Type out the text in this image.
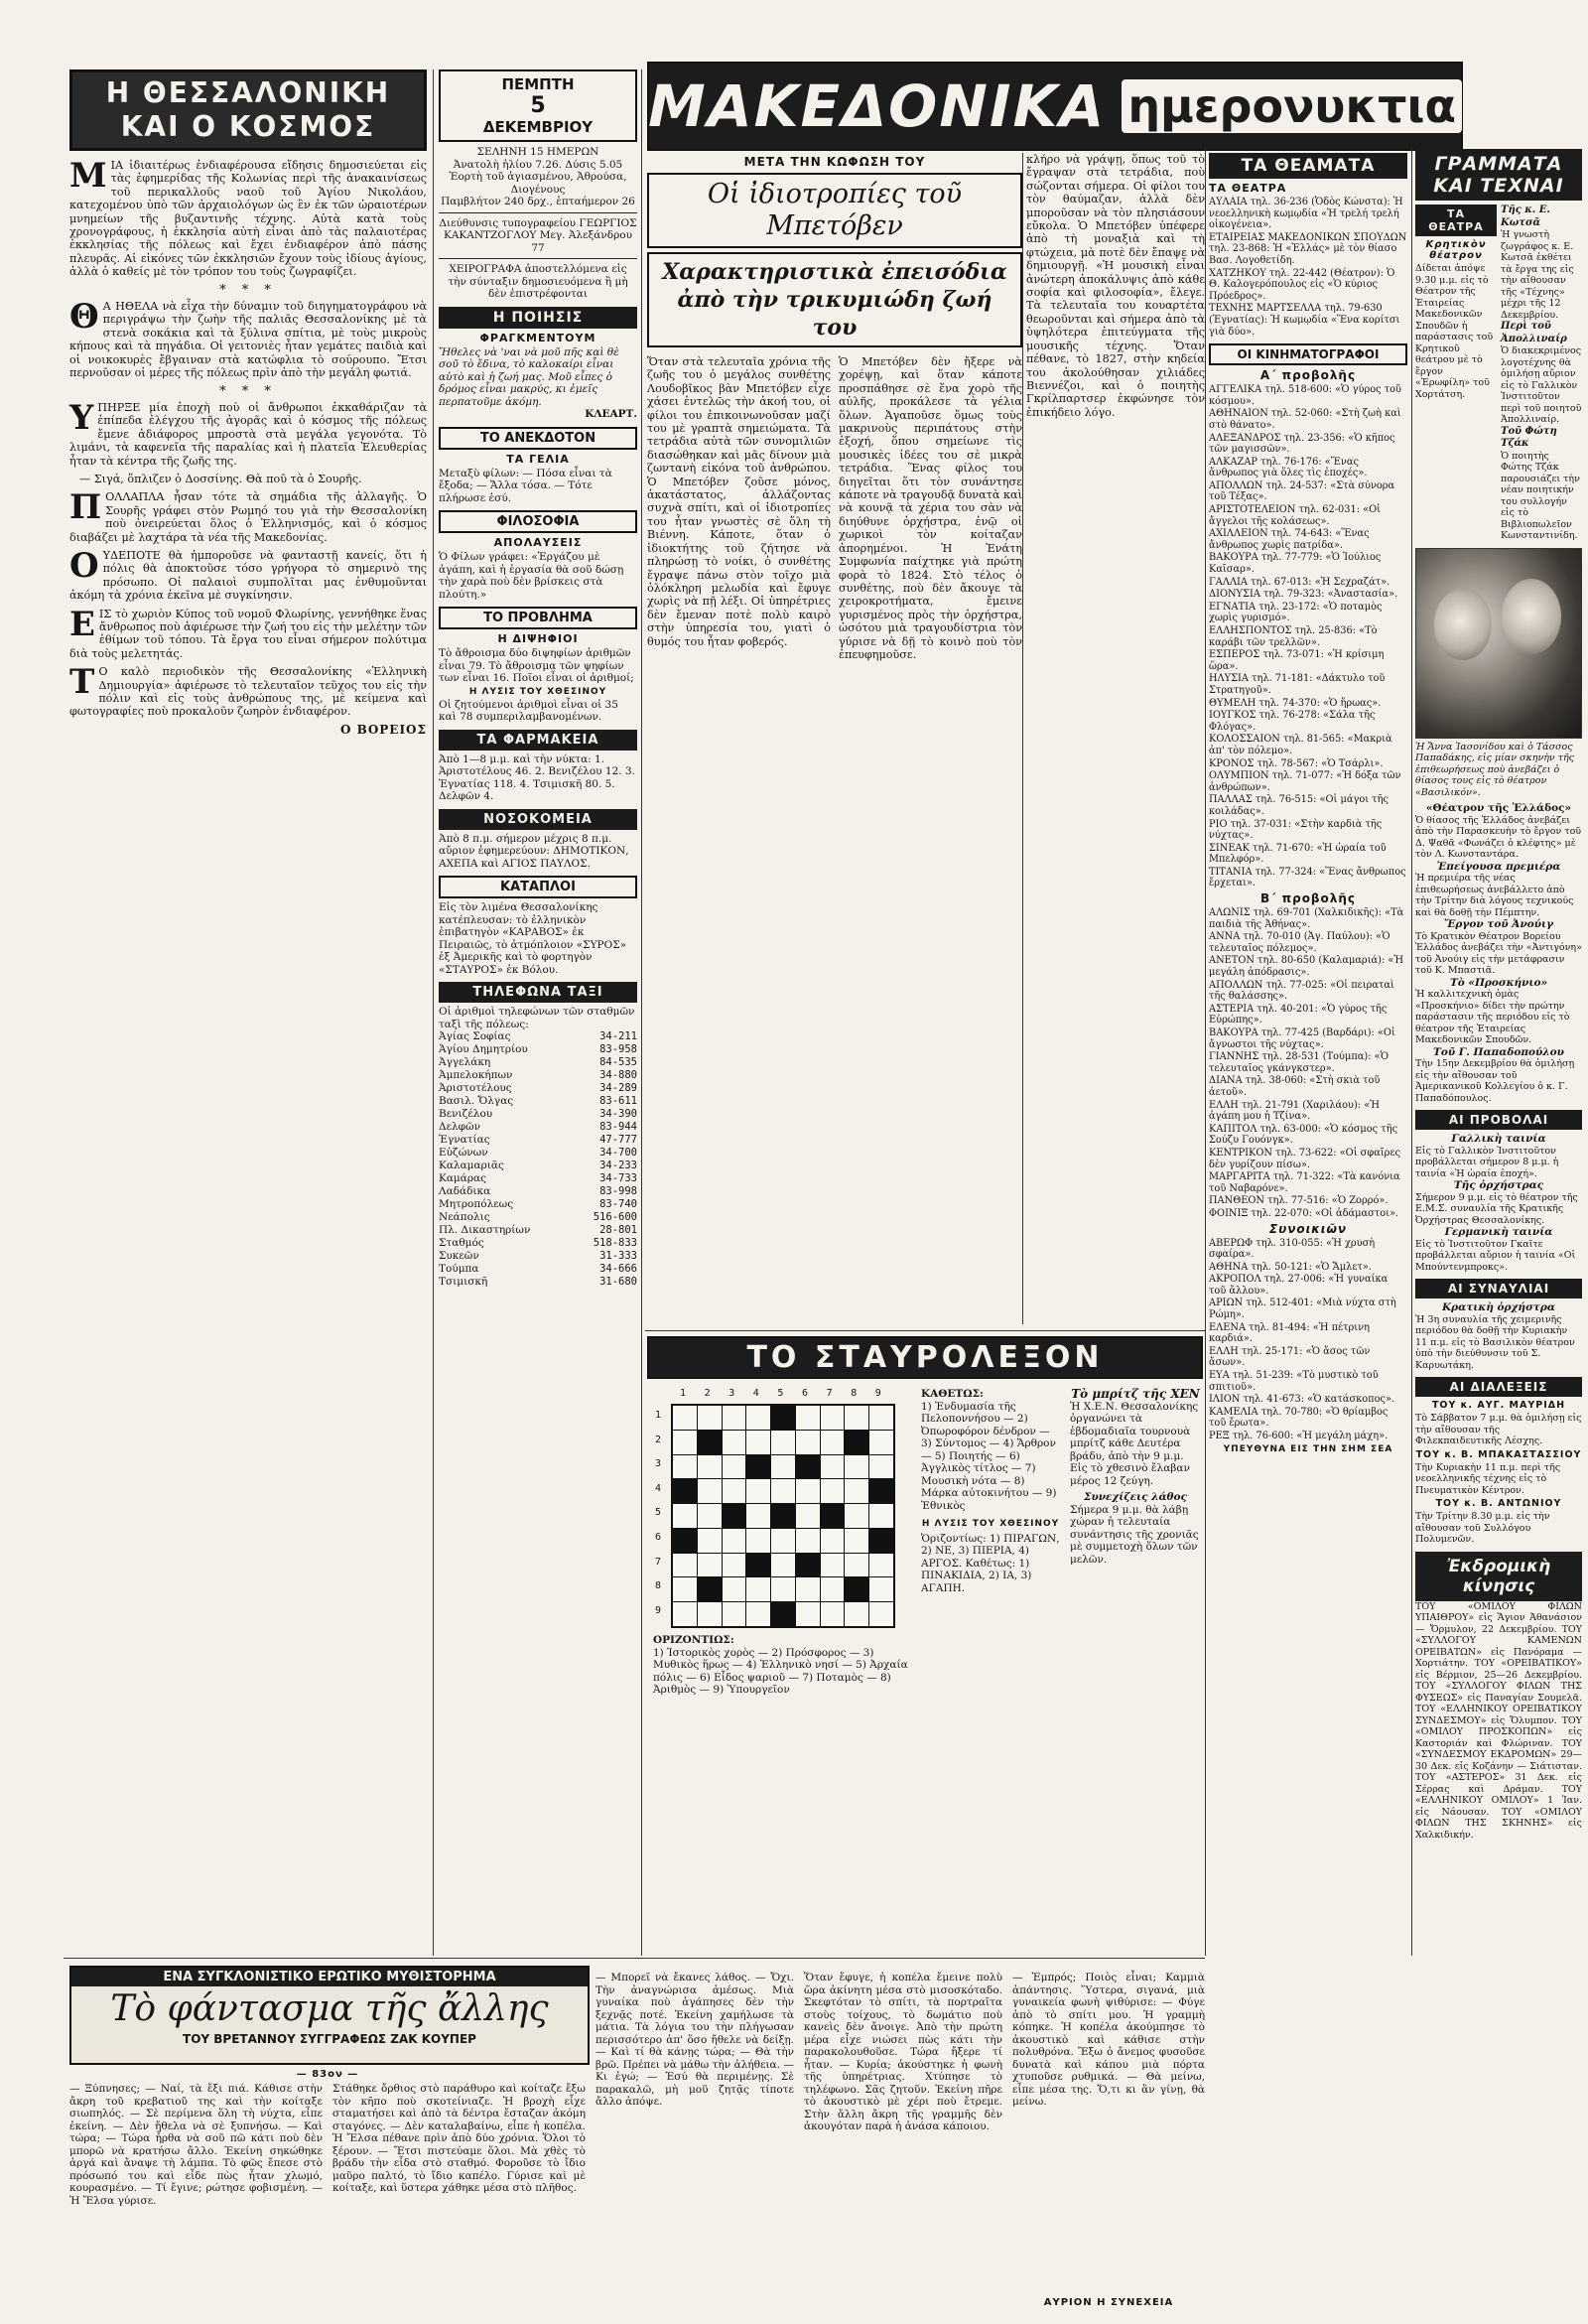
Η ΘΕΣΣΑΛΟΝΙΚΗ
ΚΑΙ Ο ΚΟΣΜΟΣ

ΜΙΑ ἰδιαιτέρως ἐνδιαφέρουσα εἴδησις δημοσιεύεται εἰς τὰς ἐφημερίδας τῆς Κολωνίας περὶ τῆς ἀνακαινίσεως τοῦ περικαλλοῦς ναοῦ τοῦ Ἁγίου Νικολάου, κατεχομένου ὑπὸ τῶν ἀρχαιολόγων ὡς ἓν ἐκ τῶν ὡραιοτέρων μνημείων τῆς βυζαντινῆς τέχνης. Αὐτὰ κατὰ τοὺς χρονογράφους, ἡ ἐκκλησία αὐτὴ εἶναι ἀπὸ τὰς παλαιοτέρας ἐκκλησίας τῆς πόλεως καὶ ἔχει ἐνδιαφέρον ἀπὸ πάσης πλευρᾶς. Αἱ εἰκόνες τῶν ἐκκλησιῶν ἔχουν τοὺς ἰδίους ἁγίους, ἀλλὰ ὁ καθείς μὲ τὸν τρόπον του τοὺς ζωγραφίζει.

* * *

Θ Α ΗΘΕΛΑ νὰ εἶχα τὴν δύναμιν τοῦ διηγηματογράφου νὰ περιγράψω τὴν ζωὴν τῆς παλιᾶς Θεσσαλονίκης μὲ τὰ στενὰ σοκάκια καὶ τὰ ξύλινα σπίτια, μὲ τοὺς μικροὺς κήπους καὶ τὰ πηγάδια. Οἱ γειτονιὲς ἦταν γεμάτες παιδιὰ καὶ οἱ νοικοκυρὲς ἔβγαιναν στὰ κατώφλια τὸ σούρουπο. Ἔτσι περνοῦσαν οἱ μέρες τῆς πόλεως πρὶν ἀπὸ τὴν μεγάλη φωτιά.

* * *

ΥΠΗΡΞΕ μία ἐποχὴ ποὺ οἱ ἄνθρωποι ἐκκαθάριζαν τὰ ἐπίπεδα ἐλέγχου τῆς ἀγορᾶς καὶ ὁ κόσμος τῆς πόλεως ἔμενε ἀδιάφορος μπροστὰ στὰ μεγάλα γεγονότα. Τὸ λιμάνι, τὰ καφενεῖα τῆς παραλίας καὶ ἡ πλατεῖα Ἐλευθερίας ἦταν τὰ κέντρα τῆς ζωῆς της.

— Σιγά, ὅπλιζεν ὁ Δοσσίνης. Θὰ ποῦ τὰ ὁ Σουρῆς.

ΠΟΛΛΑΠΛΑ ἦσαν τότε τὰ σημάδια τῆς ἀλλαγῆς. Ὁ Σουρῆς γράφει στὸν Ρωμηό του γιὰ τὴν Θεσσαλονίκη ποὺ ὀνειρεύεται ὅλος ὁ Ἑλληνισμός, καὶ ὁ κόσμος διαβάζει μὲ λαχτάρα τὰ νέα τῆς Μακεδονίας.

ΟΥΔΕΠΟΤΕ θὰ ἠμποροῦσε νὰ φανταστῇ κανείς, ὅτι ἡ πόλις θὰ ἀποκτοῦσε τόσο γρήγορα τὸ σημερινὸ της πρόσωπο. Οἱ παλαιοὶ συμπολῖται μας ἐνθυμοῦνται ἀκόμη τὰ χρόνια ἐκεῖνα μὲ συγκίνησιν.

ΕΙΣ τὸ χωριὸν Κύπος τοῦ νομοῦ Φλωρίνης, γεννήθηκε ἕνας ἄνθρωπος ποὺ ἀφιέρωσε τὴν ζωή του εἰς τὴν μελέτην τῶν ἐθίμων τοῦ τόπου. Τὰ ἔργα του εἶναι σήμερον πολύτιμα διὰ τοὺς μελετητάς.

Τ Ο καλὸ περιοδικὸν τῆς Θεσσαλονίκης «Ἑλληνικὴ Δημιουργία» ἀφιέρωσε τὸ τελευταῖον τεῦχος του εἰς τὴν πόλιν καὶ εἰς τοὺς ἀνθρώπους της, μὲ κείμενα καὶ φωτογραφίες ποὺ προκαλοῦν ζωηρὸν ἐνδιαφέρον.

Ο ΒΟΡΕΙΟΣ
ΠΕΜΠΤΗ
5
ΔΕΚΕΜΒΡΙΟΥ
ΣΕΛΗΝΗ 15 ΗΜΕΡΩΝ
Ἀνατολὴ ἡλίου 7.26. Δύσις 5.05
Ἐορτὴ τοῦ ἁγιασμένου, Ἀθρούσα, Διογένους
Παμβλήτον 240 δρχ., ἑπταήμερον 26
Διεύθυνσις τυπογραφείου ΓΕΩΡΓΙΟΣ ΚΑΚΑΝΤΖΟΓΛΟΥ Μεγ. Ἀλεξάνδρου 77
ΧΕΙΡΟΓΡΑΦΑ ἀποστελλόμενα εἰς τὴν σύνταξιν δημοσιευόμενα ἢ μὴ δὲν ἐπιστρέφονται
Η ΠΟΙΗΣΙΣ
ΦΡΑΓΚΜΕΝΤΟΥΜ
Ἤθελες νὰ 'ναι νὰ μοῦ πῆς καὶ θὲ σοῦ τὸ ἔδινα, τὸ καλοκαίρι εἶναι αὐτὸ καὶ ἡ ζωή μας. Μοῦ εἶπες ὁ δρόμος εἶναι μακρύς, κι ἐμεῖς περπατοῦμε ἀκόμη.
ΚΛΕΑΡΤ.
ΤΟ ΑΝΕΚΔΟΤΟΝ
ΤΑ ΓΕΛΙΑ
Μεταξὺ φίλων: — Πόσα εἶναι τὰ ἔξοδα; — Ἄλλα τόσα. — Τότε πλήρωσε ἐσύ.
ΦΙΛΟΣΟΦΙΑ
ΑΠΟΛΑΥΣΕΙΣ
Ὁ Φίλων γράφει: «Ἐργάζου μὲ ἀγάπη, καὶ ἡ ἐργασία θὰ σοῦ δώσῃ τὴν χαρὰ ποὺ δὲν βρίσκεις στὰ πλούτη.»
ΤΟ ΠΡΟΒΛΗΜΑ
Η ΔΙΨΗΦΙΟΙ
Τὸ ἄθροισμα δύο διψηφίων ἀριθμῶν εἶναι 79. Τὸ ἄθροισμα τῶν ψηφίων των εἶναι 16. Ποῖοι εἶναι οἱ ἀριθμοί;
Η ΛΥΣΙΣ ΤΟΥ ΧΘΕΣΙΝΟΥ
Οἱ ζητούμενοι ἀριθμοὶ εἶναι οἱ 35 καὶ 78 συμπεριλαμβανομένων.
ΤΑ ΦΑΡΜΑΚΕΙΑ
Ἀπὸ 1—8 μ.μ. καὶ τὴν νύκτα: 1. Ἀριστοτέλους 46. 2. Βενιζέλου 12. 3. Ἐγνατίας 118. 4. Τσιμισκῆ 80. 5. Δελφῶν 4.
ΝΟΣΟΚΟΜΕΙΑ
Ἀπὸ 8 π.μ. σήμερον μέχρις 8 π.μ. αὔριον ἐφημερεύουν: ΔΗΜΟΤΙΚΟΝ, ΑΧΕΠΑ καὶ ΑΓΙΟΣ ΠΑΥΛΟΣ.
ΚΑΤΑΠΛΟΙ
Εἰς τὸν λιμένα Θεσσαλονίκης κατέπλευσαν: τὸ ἐλληνικὸν ἐπιβατηγὸν «ΚΑΡΑΒΟΣ» ἐκ Πειραιῶς, τὸ ἀτμόπλοιον «ΣΥΡΟΣ» ἐξ Ἀμερικῆς καὶ τὸ φορτηγὸν «ΣΤΑΥΡΟΣ» ἐκ Βόλου.
ΤΗΛΕΦΩΝΑ ΤΑΞΙ
Οἱ ἀριθμοὶ τηλεφώνων τῶν σταθμῶν ταξὶ τῆς πόλεως:
Ἀγίας Σοφίας	34-211
Ἁγίου Δημητρίου	83-958
Ἀγγελάκη	84-535
Ἀμπελοκήπων	34-880
Ἀριστοτέλους	34-289
Βασιλ. Ὄλγας	83-611
Βενιζέλου	34-390
Δελφῶν	83-944
Ἐγνατίας	47-777
Εὐζώνων	34-700
Καλαμαριᾶς	34-233
Καμάρας	34-733
Λαδάδικα	83-998
Μητροπόλεως	83-740
Νεάπολις	516-600
Πλ. Δικαστηρίων	28-801
Σταθμός	518-833
Συκεῶν	31-333
Τούμπα	34-666
Τσιμισκῆ	31-680
ΜΑΚΕΔΟΝΙΚΑ ημερονυκτια
ΜΕΤΑ ΤΗΝ ΚΩΦΩΣΗ ΤΟΥ
Οἱ ἰδιοτροπίες τοῦ Μπετόβεν
Χαρακτηριστικὰ ἐπεισόδια ἀπὸ τὴν τρικυμιώδη ζωή του
Ὅταν στὰ τελευταῖα χρόνια τῆς ζωῆς του ὁ μεγάλος συνθέτης Λουδοβῖκος βὰν Μπετόβεν εἶχε χάσει ἐντελῶς τὴν ἀκοή του, οἱ φίλοι του ἐπικοινωνοῦσαν μαζί του μὲ γραπτὰ σημειώματα. Τὰ τετράδια αὐτὰ τῶν συνομιλιῶν διασώθηκαν καὶ μᾶς δίνουν μιὰ ζωντανὴ εἰκόνα τοῦ ἀνθρώπου. Ὁ Μπετόβεν ζοῦσε μόνος, ἀκατάστατος, ἀλλάζοντας συχνὰ σπίτι, καὶ οἱ ἰδιοτροπίες του ἦταν γνωστὲς σὲ ὅλη τὴ Βιέννη. Κάποτε, ὅταν ὁ ἰδιοκτήτης τοῦ ζήτησε νὰ πληρώσῃ τὸ νοίκι, ὁ συνθέτης ἔγραψε πάνω στὸν τοῖχο μιὰ ὁλόκληρη μελωδία καὶ ἔφυγε χωρὶς νὰ πῇ λέξι. Οἱ ὑπηρέτριες δὲν ἔμεναν ποτὲ πολὺ καιρὸ στὴν ὑπηρεσία του, γιατὶ ὁ θυμός του ἦταν φοβερός.
Ὁ Μπετόβεν δὲν ἤξερε νὰ χορέψῃ, καὶ ὅταν κάποτε προσπάθησε σὲ ἕνα χορὸ τῆς αὐλῆς, προκάλεσε τὰ γέλια ὅλων. Ἀγαποῦσε ὅμως τοὺς μακρινοὺς περιπάτους στὴν ἐξοχή, ὅπου σημείωνε τὶς μουσικὲς ἰδέες του σὲ μικρὰ τετράδια. Ἕνας φίλος του διηγεῖται ὅτι τὸν συνάντησε κάποτε νὰ τραγουδᾷ δυνατὰ καὶ νὰ κουνᾷ τὰ χέρια του σὰν νὰ διηύθυνε ὀρχήστρα, ἐνῷ οἱ χωρικοὶ τὸν κοίταζαν ἀπορημένοι. Ἡ Ἐνάτη Συμφωνία παίχτηκε γιὰ πρώτη φορὰ τὸ 1824. Στὸ τέλος ὁ συνθέτης, ποὺ δὲν ἄκουγε τὰ χειροκροτήματα, ἔμεινε γυρισμένος πρὸς τὴν ὀρχήστρα, ὡσότου μιὰ τραγουδίστρια τὸν γύρισε νὰ δῇ τὸ κοινὸ ποὺ τὸν ἐπευφημοῦσε.
κλήρο νὰ γράψῃ, ὅπως τοῦ τὸ ἔγραψαν στὰ τετράδια, ποὺ σώζονται σήμερα. Οἱ φίλοι του τὸν θαύμαζαν, ἀλλὰ δὲν μποροῦσαν νὰ τὸν πλησιάσουν εὔκολα. Ὁ Μπετόβεν ὑπέφερε ἀπὸ τὴ μοναξιὰ καὶ τὴ φτώχεια, μὰ ποτὲ δὲν ἔπαψε νὰ δημιουργῇ. «Ἡ μουσικὴ εἶναι ἀνώτερη ἀποκάλυψις ἀπὸ κάθε σοφία καὶ φιλοσοφία», ἔλεγε. Τὰ τελευταῖα του κουαρτέτα θεωροῦνται καὶ σήμερα ἀπὸ τὰ ὑψηλότερα ἐπιτεύγματα τῆς μουσικῆς τέχνης. Ὅταν πέθανε, τὸ 1827, στὴν κηδεία του ἀκολούθησαν χιλιάδες Βιεννέζοι, καὶ ὁ ποιητὴς Γκρίλπαρτσερ ἐκφώνησε τὸν ἐπικήδειο λόγο.
ΤΑ ΘΕΑΜΑΤΑ
ΤΑ ΘΕΑΤΡΑ
ΑΥΛΑΙΑ τηλ. 36-236 (Ὁδὸς Κώνστα): Ἡ νεοελληνικὴ κωμῳδία «Ἡ τρελή τρελή οἰκογένεια».
ΕΤΑΙΡΕΙΑΣ ΜΑΚΕΔΟΝΙΚΩΝ ΣΠΟΥΔΩΝ τηλ. 23-868: Ἡ «Ἑλλάς» μὲ τὸν θίασο Βασ. Λογοθετίδη.
ΧΑΤΖΗΚΟΥ τηλ. 22-442 (Θέατρον): Ὁ Θ. Καλογερόπουλος εἰς «Ὁ κύριος Πρόεδρος».
ΤΕΧΝΗΣ ΜΑΡΤΣΕΛΛΑ τηλ. 79-630 (Ἐγνατίας): Ἡ κωμῳδία «Ἕνα κορίτσι γιὰ δύο».
ΟΙ ΚΙΝΗΜΑΤΟΓΡΑΦΟΙ
Α΄ προβολῆς
ΑΓΓΕΛΙΚΑ τηλ. 518-600: «Ὁ γύρος τοῦ κόσμου».
ΑΘΗΝΑΙΟΝ τηλ. 52-060: «Στὴ ζωὴ καὶ στὸ θάνατο».
ΑΛΕΞΑΝΔΡΟΣ τηλ. 23-356: «Ὁ κῆπος τῶν μαγισσῶν».
ΑΛΚΑΖΑΡ τηλ. 76-176: «Ἕνας ἄνθρωπος γιὰ ὅλες τὶς ἐποχές».
ΑΠΟΛΛΩΝ τηλ. 24-537: «Στὰ σύνορα τοῦ Τέξας».
ΑΡΙΣΤΟΤΕΛΕΙΟΝ τηλ. 62-031: «Οἱ ἄγγελοι τῆς κολάσεως».
ΑΧΙΛΛΕΙΟΝ τηλ. 74-643: «Ἕνας ἄνθρωπος χωρὶς πατρίδα».
ΒΑΚΟΥΡΑ τηλ. 77-779: «Ὁ Ἰούλιος Καῖσαρ».
ΓΑΛΛΙΑ τηλ. 67-013: «Ἡ Σεχραζάτ».
ΔΙΟΝΥΣΙΑ τηλ. 79-323: «Ἀναστασία».
ΕΓΝΑΤΙΑ τηλ. 23-172: «Ὁ ποταμὸς χωρὶς γυρισμό».
ΕΛΛΗΣΠΟΝΤΟΣ τηλ. 25-836: «Τὸ καράβι τῶν τρελλῶν».
ΕΣΠΕΡΟΣ τηλ. 73-071: «Ἡ κρίσιμη ὥρα».
ΗΛΥΣΙΑ τηλ. 71-181: «Δάκτυλο τοῦ Στρατηγοῦ».
ΘΥΜΕΛΗ τηλ. 74-370: «Ὁ ἥρωας».
ΙΟΥΓΚΟΣ τηλ. 76-278: «Σάλα τῆς Φλόγας».
ΚΟΛΟΣΣΑΙΟΝ τηλ. 81-565: «Μακριὰ ἀπ' τὸν πόλεμο».
ΚΡΟΝΟΣ τηλ. 78-567: «Ὁ Τσάρλι».
ΟΛΥΜΠΙΟΝ τηλ. 71-077: «Ἡ δόξα τῶν ἀνθρώπων».
ΠΑΛΛΑΣ τηλ. 76-515: «Οἱ μάγοι τῆς κοιλάδας».
ΡΙΟ τηλ. 37-031: «Στὴν καρδιὰ τῆς νύχτας».
ΣΙΝΕΑΚ τηλ. 71-670: «Ἡ ὡραία τοῦ Μπελφόρ».
ΤΙΤΑΝΙΑ τηλ. 77-324: «Ἕνας ἄνθρωπος ἔρχεται».
Β΄ προβολῆς
ΑΛΩΝΙΣ τηλ. 69-701 (Χαλκιδικῆς): «Τὰ παιδιὰ τῆς Ἀθήνας».
ΑΝΝΑ τηλ. 70-010 (Ἀγ. Παύλου): «Ὁ τελευταῖος πόλεμος».
ΑΝΕΤΟΝ τηλ. 80-650 (Καλαμαριά): «Ἡ μεγάλη ἀπόδρασις».
ΑΠΟΛΛΩΝ τηλ. 77-025: «Οἱ πειραταὶ τῆς θαλάσσης».
ΑΣΤΕΡΙΑ τηλ. 40-201: «Ὁ γύρος τῆς Εὐρώπης».
ΒΑΚΟΥΡΑ τηλ. 77-425 (Βαρδάρι): «Οἱ ἄγνωστοι τῆς νύχτας».
ΓΙΑΝΝΗΣ τηλ. 28-531 (Τούμπα): «Ὁ τελευταῖος γκάνγκστερ».
ΔΙΑΝΑ τηλ. 38-060: «Στὴ σκιὰ τοῦ ἀετοῦ».
ΕΛΛΗ τηλ. 21-791 (Χαριλάου): «Ἡ ἀγάπη μου ἡ Τζίνα».
ΚΑΠΙΤΟΛ τηλ. 63-000: «Ὁ κόσμος τῆς Σούζυ Γουόνγκ».
ΚΕΝΤΡΙΚΟΝ τηλ. 73-622: «Οἱ σφαῖρες δὲν γυρίζουν πίσω».
ΜΑΡΓΑΡΙΤΑ τηλ. 71-322: «Τὰ κανόνια τοῦ Ναβαρόνε».
ΠΑΝΘΕΟΝ τηλ. 77-516: «Ὁ Ζορρό».
ΦΟΙΝΙΞ τηλ. 22-070: «Οἱ ἀδάμαστοι».
Συνοικιῶν
ΑΒΕΡΩΦ τηλ. 310-055: «Ἡ χρυσὴ σφαίρα».
ΑΘΗΝΑ τηλ. 50-121: «Ὁ Ἄμλετ».
ΑΚΡΟΠΟΛ τηλ. 27-006: «Ἡ γυναίκα τοῦ ἄλλου».
ΑΡΙΩΝ τηλ. 512-401: «Μιὰ νύχτα στὴ Ρώμη».
ΕΛΕΝΑ τηλ. 81-494: «Ἡ πέτρινη καρδιά».
ΕΛΛΗ τηλ. 25-171: «Ὁ ἄσος τῶν ἄσων».
ΕΥΑ τηλ. 51-239: «Τὸ μυστικὸ τοῦ σπιτιοῦ».
ΙΛΙΟΝ τηλ. 41-673: «Ὁ κατάσκοπος».
ΚΑΜΕΛΙΑ τηλ. 70-780: «Ὁ θρίαμβος τοῦ ἔρωτα».
ΡΕΞ τηλ. 76-600: «Ἡ μεγάλη μάχη».
ΥΠΕΥΘΥΝΑ ΕΙΣ ΤΗΝ ΣΗΜ ΣΕΑ
ΓΡΑΜΜΑΤΑ ΚΑΙ ΤΕΧΝΑΙ
ΤΑ ΘΕΑΤΡΑ
Κρητικὸν θέατρον
Δίδεται ἀπόψε 9.30 μ.μ. εἰς τὸ Θέατρον τῆς Ἑταιρείας Μακεδονικῶν Σπουδῶν ἡ παράστασις τοῦ Κρητικοῦ θεάτρου μὲ τὸ ἔργον «Ἐρωφίλη» τοῦ Χορτάτση.
Τῆς κ. Ε. Κωτσᾶ
Ἡ γνωστὴ ζωγράφος κ. Ε. Κωτσᾶ ἐκθέτει τὰ ἔργα της εἰς τὴν αἴθουσαν τῆς «Τέχνης» μέχρι τῆς 12 Δεκεμβρίου.
Περὶ τοῦ Ἀπολλιναίρ
Ὁ διακεκριμένος λογοτέχνης θὰ ὁμιλήσῃ αὔριον εἰς τὸ Γαλλικὸν Ἰνστιτοῦτον περὶ τοῦ ποιητοῦ Ἀπολλιναίρ.
Τοῦ Φώτη Τζάκ
Ὁ ποιητὴς Φώτης Τζάκ παρουσιάζει τὴν νέαν ποιητικήν του συλλογήν εἰς τὸ Βιβλιοπωλεῖον Κωνσταντινίδη.
Ἡ Ἄννα Ἰασονίδου καὶ ὁ Τάσσος Παπαδάκης, εἰς μίαν σκηνὴν τῆς ἐπιθεωρήσεως ποὺ ἀνεβάζει ὁ θίασος τους εἰς τὸ θέατρον «Βασιλικόν».
«Θέατρον τῆς Ἑλλάδος»
Ὁ θίασος τῆς Ἑλλάδος ἀνεβάζει ἀπὸ τὴν Παρασκευὴν τὸ ἔργον τοῦ Δ. Ψαθᾶ «Φωνάζει ὁ κλέφτης» μὲ τὸν Λ. Κωνσταντάρα.
Ἐπείγουσα πρεμιέρα
Ἡ πρεμιέρα τῆς νέας ἐπιθεωρήσεως ἀνεβάλλετο ἀπὸ τὴν Τρίτην διὰ λόγους τεχνικούς καὶ θὰ δοθῇ τὴν Πέμπτην.
Ἔργον τοῦ Ἀνούιγ
Τὸ Κρατικὸν Θέατρον Βορείου Ἑλλάδος ἀνεβάζει τὴν «Ἀντιγόνη» τοῦ Ἀνούιγ εἰς τὴν μετάφρασιν τοῦ Κ. Μπαστιᾶ.
Τὸ «Προσκήνιο»
Ἡ καλλιτεχνικὴ ὁμὰς «Προσκήνιο» δίδει τὴν πρώτην παράστασιν τῆς περιόδου εἰς τὸ θέατρον τῆς Ἑταιρείας Μακεδονικῶν Σπουδῶν.
Τοῦ Γ. Παπαδοπούλου
Τὴν 15ην Δεκεμβρίου θὰ ὁμιλήσῃ εἰς τὴν αἴθουσαν τοῦ Ἀμερικανικοῦ Κολλεγίου ὁ κ. Γ. Παπαδόπουλος.
ΑΙ ΠΡΟΒΟΛΑΙ
Γαλλικὴ ταινία
Εἰς τὸ Γαλλικὸν Ἰνστιτοῦτον προβάλλεται σήμερον 8 μ.μ. ἡ ταινία «Ἡ ὡραία ἐποχή».
Τῆς ὀρχήστρας
Σήμερον 9 μ.μ. εἰς τὸ θέατρον τῆς Ε.Μ.Σ. συναυλία τῆς Κρατικῆς Ὀρχήστρας Θεσσαλονίκης.
Γερμανικὴ ταινία
Εἰς τὸ Ἰνστιτοῦτον Γκαῖτε προβάλλεται αὔριον ἡ ταινία «Οἱ Μπούντενμπροκς».
ΑΙ ΣΥΝΑΥΛΙΑΙ
Κρατικὴ ὀρχήστρα
Ἡ 3η συναυλία τῆς χειμερινῆς περιόδου θὰ δοθῇ τὴν Κυριακὴν 11 π.μ. εἰς τὸ Βασιλικὸν θέατρον ὑπὸ τὴν διεύθυνσιν τοῦ Σ. Καρυωτάκη.
ΑΙ ΔΙΑΛΕΞΕΙΣ
ΤΟΥ κ. ΑΥΓ. ΜΑΥΡΙΔΗ
Τὸ Σάββατον 7 μ.μ. θὰ ὁμιλήσῃ εἰς τὴν αἴθουσαν τῆς Φιλεκπαιδευτικῆς Λέσχης.
ΤΟΥ κ. Β. ΜΠΑΚΑΣΤΑΣΣΙΟΥ
Τὴν Κυριακὴν 11 π.μ. περὶ τῆς νεοελληνικῆς τέχνης εἰς τὸ Πνευματικὸν Κέντρον.
ΤΟΥ κ. Β. ΑΝΤΩΝΙΟΥ
Τὴν Τρίτην 8.30 μ.μ. εἰς τὴν αἴθουσαν τοῦ Συλλόγου Πολυμενῶν.
Ἐκδρομικὴ κίνησις
ΤΟΥ «ΟΜΙΛΟΥ ΦΙΛΩΝ ΥΠΑΙΘΡΟΥ» εἰς Ἅγιον Ἀθανάσιον — Ὄρμυλον, 22 Δεκεμβρίου. ΤΟΥ «ΣΥΛΛΟΓΟΥ ΚΑΜΕΝΩΝ ΟΡΕΙΒΑΤΩΝ» εἰς Πανόραμα — Χορτιάτην. ΤΟΥ «ΟΡΕΙΒΑΤΙΚΟΥ» εἰς Βέρμιον, 25—26 Δεκεμβρίου. ΤΟΥ «ΣΥΛΛΟΓΟΥ ΦΙΛΩΝ ΤΗΣ ΦΥΣΕΩΣ» εἰς Παναγίαν Σουμελᾶ. ΤΟΥ «ΕΛΛΗΝΙΚΟΥ ΟΡΕΙΒΑΤΙΚΟΥ ΣΥΝΔΕΣΜΟΥ» εἰς Ὄλυμπον. ΤΟΥ «ΟΜΙΛΟΥ ΠΡΟΣΚΟΠΩΝ» εἰς Καστοριάν καὶ Φλώριναν. ΤΟΥ «ΣΥΝΔΕΣΜΟΥ ΕΚΔΡΟΜΩΝ» 29—30 Δεκ. εἰς Κοζάνην — Σιάτισταν. ΤΟΥ «ΑΣΤΕΡΟΣ» 31 Δεκ. εἰς Σέρρας καὶ Δράμαν. ΤΟΥ «ΕΛΛΗΝΙΚΟΥ ΟΜΙΛΟΥ» 1 Ἰαν. εἰς Νάουσαν. ΤΟΥ «ΟΜΙΛΟΥ ΦΙΛΩΝ ΤΗΣ ΣΚΗΝΗΣ» εἰς Χαλκιδικήν.
ΤΟ ΣΤΑΥΡΟΛΕΞΟΝ
1 2 3 4 5 6 7 8 9
1
2
3
4
5
6
7
8
9
ΟΡΙΖΟΝΤΙΩΣ:
1) Ἰστορικὸς χορὸς — 2) Πρόσφορος — 3) Μυθικὸς ἥρως — 4) Ἑλληνικὸ νησί — 5) Ἀρχαία πόλις — 6) Εἶδος ψαριοῦ — 7) Ποταμὸς — 8) Ἀριθμὸς — 9) Ὑπουργεῖον
ΚΑΘΕΤΩΣ:
1) Ἐνδυμασία τῆς Πελοποννήσου — 2) Ὀπωροφόρον δένδρον — 3) Σύντομος — 4) Ἄρθρον — 5) Ποιητής — 6) Ἀγγλικὸς τίτλος — 7) Μουσικὴ νότα — 8) Μάρκα αὐτοκινήτου — 9) Ἐθνικὸς
Η ΛΥΣΙΣ ΤΟΥ ΧΘΕΣΙΝΟΥ
Ὁριζοντίως: 1) ΠΙΡΑΓΩΝ, 2) ΝΕ, 3) ΠΙΕΡΙΑ, 4) ΑΡΓΟΣ. Καθέτως: 1) ΠΙΝΑΚΙΔΙΑ, 2) ΙΑ, 3) ΑΓΑΠΗ.
Τὸ μπρίτζ τῆς ΧΕΝ
Ἡ Χ.Ε.Ν. Θεσσαλονίκης ὀργανώνει τὰ ἑβδομαδιαῖα τουρνουὰ μπρίτζ κάθε Δευτέρα βράδυ, ἀπὸ τὴν 9 μ.μ. Εἰς τὸ χθεσινὸ ἔλαβαν μέρος 12 ζεύγη.
Συνεχίζεις λάθος
Σήμερα 9 μ.μ. θὰ λάβῃ χώραν ἡ τελευταία συνάντησις τῆς χρονιᾶς μὲ συμμετοχὴ ὅλων τῶν μελῶν.
ΕΝΑ ΣΥΓΚΛΟΝΙΣΤΙΚΟ ΕΡΩΤΙΚΟ ΜΥΘΙΣΤΟΡΗΜΑ
Τὸ φάντασμα τῆς ἄλλης
ΤΟΥ ΒΡΕΤΑΝΝΟΥ ΣΥΓΓΡΑΦΕΩΣ ΖΑΚ ΚΟΥΠΕΡ
— 83ον —
— Ξύπνησες; — Ναί, τὰ ἔξι πιά. Κάθισε στὴν ἄκρη τοῦ κρεβατιοῦ της καὶ τὴν κοίταξε σιωπηλός. — Σὲ περίμενα ὅλη τὴ νύχτα, εἶπε ἐκείνη. — Δὲν ἤθελα νὰ σὲ ξυπνήσω. — Καὶ τώρα; — Τώρα ἦρθα νὰ σοῦ πῶ κάτι ποὺ δὲν μπορῶ νὰ κρατήσω ἄλλο. Ἐκείνη σηκώθηκε ἀργά καὶ ἄναψε τὴ λάμπα. Τὸ φῶς ἔπεσε στὸ πρόσωπό του καὶ εἶδε πὼς ἦταν χλωμό, κουρασμένο. — Τί ἔγινε; ρώτησε φοβισμένη. — Ἡ Ἔλσα γύρισε.
Στάθηκε ὄρθιος στὸ παράθυρο καὶ κοίταζε ἔξω τὸν κῆπο ποὺ σκοτείνιαζε. Ἡ βροχὴ εἶχε σταματήσει καὶ ἀπὸ τὰ δέντρα ἔσταζαν ἀκόμη σταγόνες. — Δὲν καταλαβαίνω, εἶπε ἡ κοπέλα. Ἡ Ἔλσα πέθανε πρὶν ἀπὸ δύο χρόνια. Ὅλοι τὸ ξέρουν. — Ἔτσι πιστεύαμε ὅλοι. Μὰ χθὲς τὸ βράδυ τὴν εἶδα στὸ σταθμό. Φοροῦσε τὸ ἴδιο μαῦρο παλτό, τὸ ἴδιο καπέλο. Γύρισε καὶ μὲ κοίταξε, καὶ ὕστερα χάθηκε μέσα στὸ πλῆθος.
— Μπορεῖ νὰ ἔκανες λάθος. — Ὄχι. Τὴν ἀναγνώρισα ἀμέσως. Μιὰ γυναίκα ποὺ ἀγάπησες δὲν τὴν ξεχνᾷς ποτέ. Ἐκείνη χαμήλωσε τὰ μάτια. Τὰ λόγια του τὴν πλήγωσαν περισσότερο ἀπ' ὅσο ἤθελε νὰ δείξῃ. — Καὶ τί θὰ κάνῃς τώρα; — Θὰ τὴν βρῶ. Πρέπει νὰ μάθω τὴν ἀλήθεια. — Κι ἐγώ; — Ἐσύ θὰ περιμένῃς. Σὲ παρακαλῶ, μὴ μοῦ ζητᾷς τίποτε ἄλλο ἀπόψε.
Ὅταν ἔφυγε, ἡ κοπέλα ἔμεινε πολὺ ὥρα ἀκίνητη μέσα στὸ μισοσκόταδο. Σκεφτόταν τὸ σπίτι, τὰ πορτραῖτα στοὺς τοίχους, τὸ δωμάτιο ποὺ κανεὶς δὲν ἄνοιγε. Ἀπὸ τὴν πρώτη μέρα εἶχε νιώσει πὼς κάτι τὴν παρακολουθοῦσε. Τώρα ἤξερε τί ἦταν. — Κυρία; ἀκούστηκε ἡ φωνὴ τῆς ὑπηρέτριας. Χτύπησε τὸ τηλέφωνο. Σᾶς ζητοῦν. Ἐκείνη πῆρε τὸ ἀκουστικὸ μὲ χέρι ποὺ ἔτρεμε. Στὴν ἄλλη ἄκρη τῆς γραμμῆς δὲν ἀκουγόταν παρὰ ἡ ἀνάσα κάποιου.
— Ἐμπρός; Ποιὸς εἶναι; Καμμιὰ ἀπάντησις. Ὕστερα, σιγανά, μιὰ γυναικεία φωνὴ ψιθύρισε: — Φύγε ἀπὸ τὸ σπίτι μου. Ἡ γραμμὴ κόπηκε. Ἡ κοπέλα ἀκούμπησε τὸ ἀκουστικὸ καὶ κάθισε στὴν πολυθρόνα. Ἔξω ὁ ἄνεμος φυσοῦσε δυνατὰ καὶ κάπου μιὰ πόρτα χτυποῦσε ρυθμικά. — Θὰ μείνω, εἶπε μέσα της. Ὅ,τι κι ἂν γίνῃ, θὰ μείνω.
ΑΥΡΙΟΝ Η ΣΥΝΕΧΕΙΑ
